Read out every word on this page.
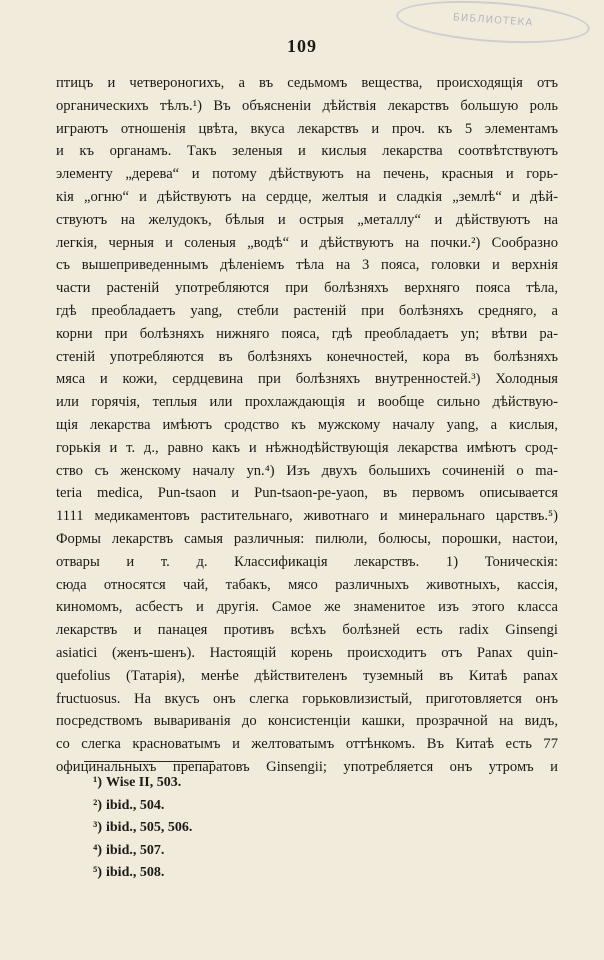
БИБЛИОТЕКА
109
птицъ и четвероногихъ, а въ седьмомъ вещества, происходящія отъ
органическихъ тѣлъ.¹) Въ объясненіи дѣйствія лекарствъ большую роль
играютъ отношенія цвѣта, вкуса лекарствъ и проч. къ 5 элементамъ
и къ органамъ. Такъ зеленыя и кислыя лекарства соотвѣтствуютъ
элементу „дерева“ и потому дѣйствуютъ на печень, красныя и горь-
кія „огню“ и дѣйствуютъ на сердце, желтыя и сладкія „землѣ“ и дѣй-
ствуютъ на желудокъ, бѣлыя и острыя „металлу“ и дѣйствуютъ на
легкія, черныя и соленыя „водѣ“ и дѣйствуютъ на почки.²) Сообразно
съ вышеприведеннымъ дѣленіемъ тѣла на 3 пояса, головки и верхнія
части растеній употребляются при болѣзняхъ верхняго пояса тѣла,
гдѣ преобладаетъ yang, стебли растеній при болѣзняхъ средняго, а
корни при болѣзняхъ нижняго пояса, гдѣ преобладаетъ yn; вѣтви ра-
стеній употребляются въ болѣзняхъ конечностей, кора въ болѣзняхъ
мяса и кожи, сердцевина при болѣзняхъ внутренностей.³) Холодныя
или горячія, теплыя или прохлаждающія и вообще сильно дѣйствую-
щія лекарства имѣютъ сродство къ мужскому началу yang, а кислыя,
горькія и т. д., равно какъ и нѣжнодѣйствующія лекарства имѣютъ срод-
ство съ женскому началу yn.⁴) Изъ двухъ большихъ сочиненій о ma-
teria medica, Pun-tsaon и Pun-tsaon-pe-yaon, въ первомъ описывается
1111 медикаментовъ растительнаго, животнаго и минеральнаго царствъ.⁵)
Формы лекарствъ самыя различныя: пилюли, болюсы, порошки, настои,
отвары и т. д. Классификація лекарствъ. 1) Тоническія:
сюда относятся чай, табакъ, мясо различныхъ животныхъ, кассія,
киномомъ, асбестъ и другія. Самое же знаменитое изъ этого класса
лекарствъ и панацея противъ всѣхъ болѣзней есть radix Ginsengi
asiatici (женъ-шенъ). Настоящій корень происходитъ отъ Panax quin-
quefolius (Татарія), менѣе дѣйствителенъ туземный въ Китаѣ panax
fructuosus. На вкусъ онъ слегка горьковлизистый, приготовляется онъ
посредствомъ вываривaнія до консистенціи кашки, прозрачной на видъ,
со слегка красноватымъ и желтоватымъ оттѣнкомъ. Въ Китаѣ есть 77
официнальныхъ препаратовъ Ginsengii; употребляется онъ утромъ и
¹) Wise II, 503.
²) ibid., 504.
³) ibid., 505, 506.
⁴) ibid., 507.
⁵) ibid., 508.
